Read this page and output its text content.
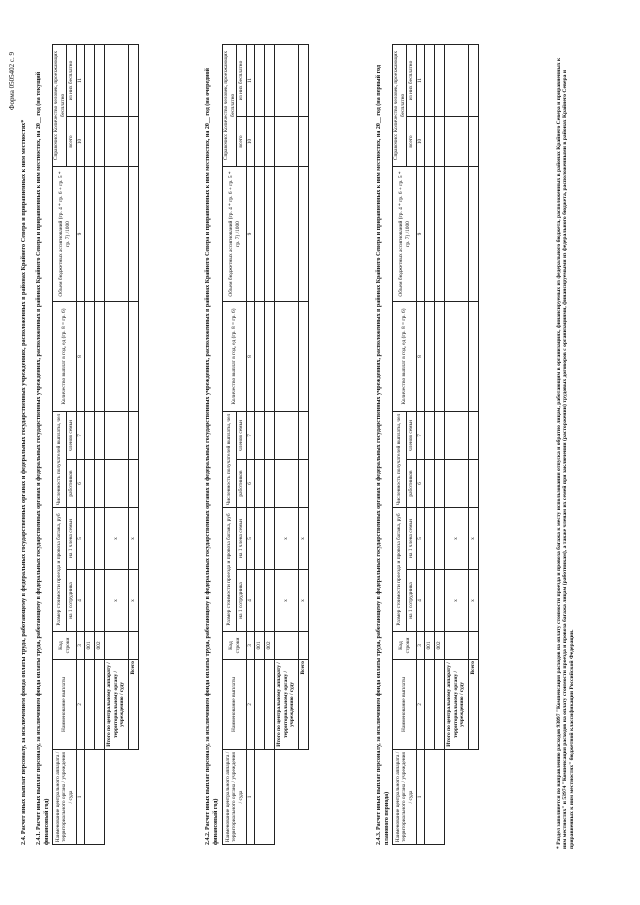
Форма 0505402 с. 9

2.4. Расчет иных выплат персоналу, за исключением фонда оплаты труда, работающему в федеральных государственных органах и федеральных государственных учреждениях, расположенных в районах Крайнего Севера и приравненных к ним местностях* 2.4.1. Расчет иных выплат персоналу, за исключением фонда оплаты труда, работающему в федеральных государственных органах и федеральных государственных учреждениях, расположенных в районах Крайнего Севера и приравненных к ним местностях, на 20__ год (на текущий финансовый год) Наименование центрального аппарата / территориального органа / учреждения / суда	Наименование выплаты	Код строки	Размер стоимости проезда и провоза багажа, руб		Численность получателей выплаты, чел		Количество выплат в год, ед (гр. 8 = гр. 6)	Объем бюджетных ассигнований (гр. 4 * гр. 6 + гр. 5 * гр. 7) /1000	Справочно: Количество человек, проезжающих бесплатно	
			на 1 сотрудника	на 1 члена семьи	работников	членов семьи			всего	из них бесплатно
1	2	3	4	5	6	7	8	9	10	11
		001								
		002								
	Итого по центральному аппарату / территориальному органу / учреждению / суду		x	x						
	Всего		x	x							2.4.2. Расчет иных выплат персоналу, за исключением фонда оплаты труда, работающему в федеральных государственных органах и федеральных государственных учреждениях, расположенных в районах Крайнего Севера и приравненных к ним местностях, на 20__ год (на очередной финансовый год) Наименование центрального аппарата / территориального органа / учреждения / суда	Наименование выплаты	Код строки	Размер стоимости проезда и провоза багажа, руб		Численность получателей выплаты, чел		Количество выплат в год, ед (гр. 8 = гр. 6)	Объем бюджетных ассигнований (гр. 4 * гр. 6 + гр. 5 * гр. 7) /1000	Справочно: Количество человек, проезжающих бесплатно	
			на 1 сотрудника	на 1 члена семьи	работников	членов семьи			всего	из них бесплатно
1	2	3	4	5	6	7	8	9	10	11
		001								
		002								
	Итого по центральному аппарату / территориальному органу / учреждению / суду		x	x						
	Всего		x	x							2.4.3. Расчет иных выплат персоналу, за исключением фонда оплаты труда, работающему в федеральных государственных органах и федеральных государственных учреждениях, расположенных в районах Крайнего Севера и приравненных к ним местностях, на 20__ год (на первый год планового периода) Наименование центрального аппарата / территориального органа / учреждения / суда	Наименование выплаты	Код строки	Размер стоимости проезда и провоза багажа, руб		Численность получателей выплаты, чел		Количество выплат в год, ед (гр. 8 = гр. 6)	Объем бюджетных ассигнований (гр. 4 * гр. 6 + гр. 5 * гр. 7) /1000	Справочно: Количество человек, проезжающих бесплатно	
			на 1 сотрудника	на 1 члена семьи	работников	членов семьи			всего	из них бесплатно
1	2	3	4	5	6	7	8	9	10	11
		001								
		002								
	Итого по центральному аппарату / территориальному органу / учреждению / суду		x	x						
	Всего		x	x							* Раздел заполняется по направлению расходов 93097 "Компенсация расходов на оплату стоимости проезда и провоза багажа к месту использования отпуска и обратно лицам, работающим в организациях, финансируемых из федерального бюджета, расположенных в районах Крайнего Севера и приравненных к ним местностях" и 53974 "Компенсация расходов на оплату стоимости проезда и провоза багажа лицам (работникам), а также членам их семей при заключении (расторжении) трудовых договоров с организациями, финансируемыми из федерального бюджета, расположенными в районах Крайнего Севера и приравненных к ним местностях" бюджетной классификации Российской Федерации.
